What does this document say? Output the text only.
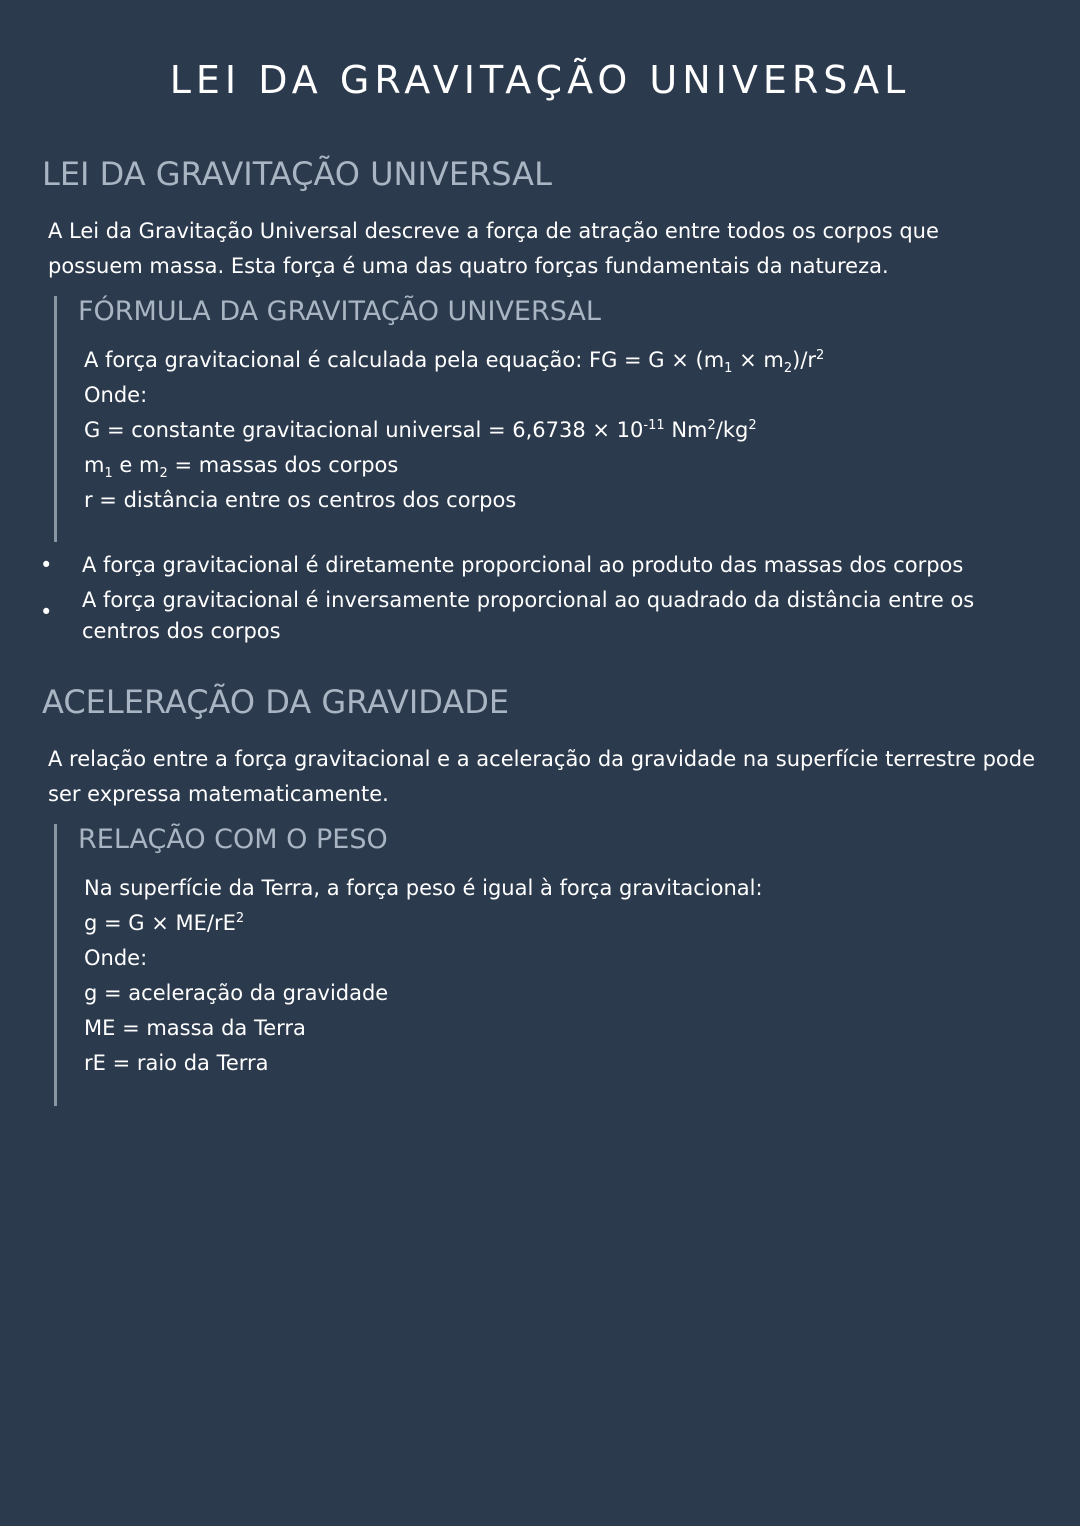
LEI DA GRAVITAÇÃO UNIVERSAL
LEI DA GRAVITAÇÃO UNIVERSAL

A Lei da Gravitação Universal descreve a força de atração entre todos os corpos que possuem massa. Esta força é uma das quatro forças fundamentais da natureza.

FÓRMULA DA GRAVITAÇÃO UNIVERSAL
A força gravitacional é calculada pela equação: FG = $G \times (m_1 \times m_2)/r^2$
Onde:
G = constante gravitacional universal = $6,6738 \times 10^{-11}$ $Nm^2/kg^2$
$m_1$ e $m_2$ = massas dos corpos
r = distância entre os centros dos corpos
• A força gravitacional é diretamente proporcional ao produto das massas dos corpos
• A força gravitacional é inversamente proporcional ao quadrado da distância entre os centros dos corpos
ACELERAÇÃO DA GRAVIDADE

A relação entre a força gravitacional e a aceleração da gravidade na superfície terrestre pode ser expressa matematicamente.

RELAÇÃO COM O PESO
Na superfície da Terra, a força peso é igual à força gravitacional:
$g = G \times ME/rE^2$
Onde:
g = aceleração da gravidade
ME = massa da Terra
rE = raio da Terra
